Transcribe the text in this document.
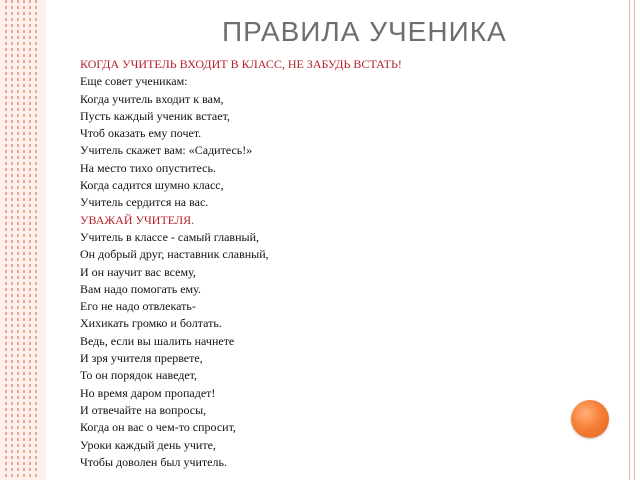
ПРАВИЛА УЧЕНИКА
КОГДА УЧИТЕЛЬ ВХОДИТ В КЛАСС, НЕ ЗАБУДЬ ВСТАТЬ!
Еще совет ученикам:
Когда учитель входит к вам,
Пусть каждый ученик встает,
Чтоб оказать ему почет.
Учитель скажет вам: «Садитесь!»
На место тихо опуститесь.
Когда садится шумно класс,
Учитель сердится на вас.
УВАЖАЙ УЧИТЕЛЯ.
Учитель в классе - самый главный,
Он добрый друг, наставник славный,
И он научит вас всему,
Вам надо помогать ему.
Его не надо отвлекать-
Хихикать громко и болтать.
Ведь, если вы шалить начнете
И зря учителя прервете,
То он порядок наведет,
Но время даром пропадет!
И отвечайте на вопросы,
Когда он вас о чем-то спросит,
Уроки каждый день учите,
Чтобы доволен был учитель.
